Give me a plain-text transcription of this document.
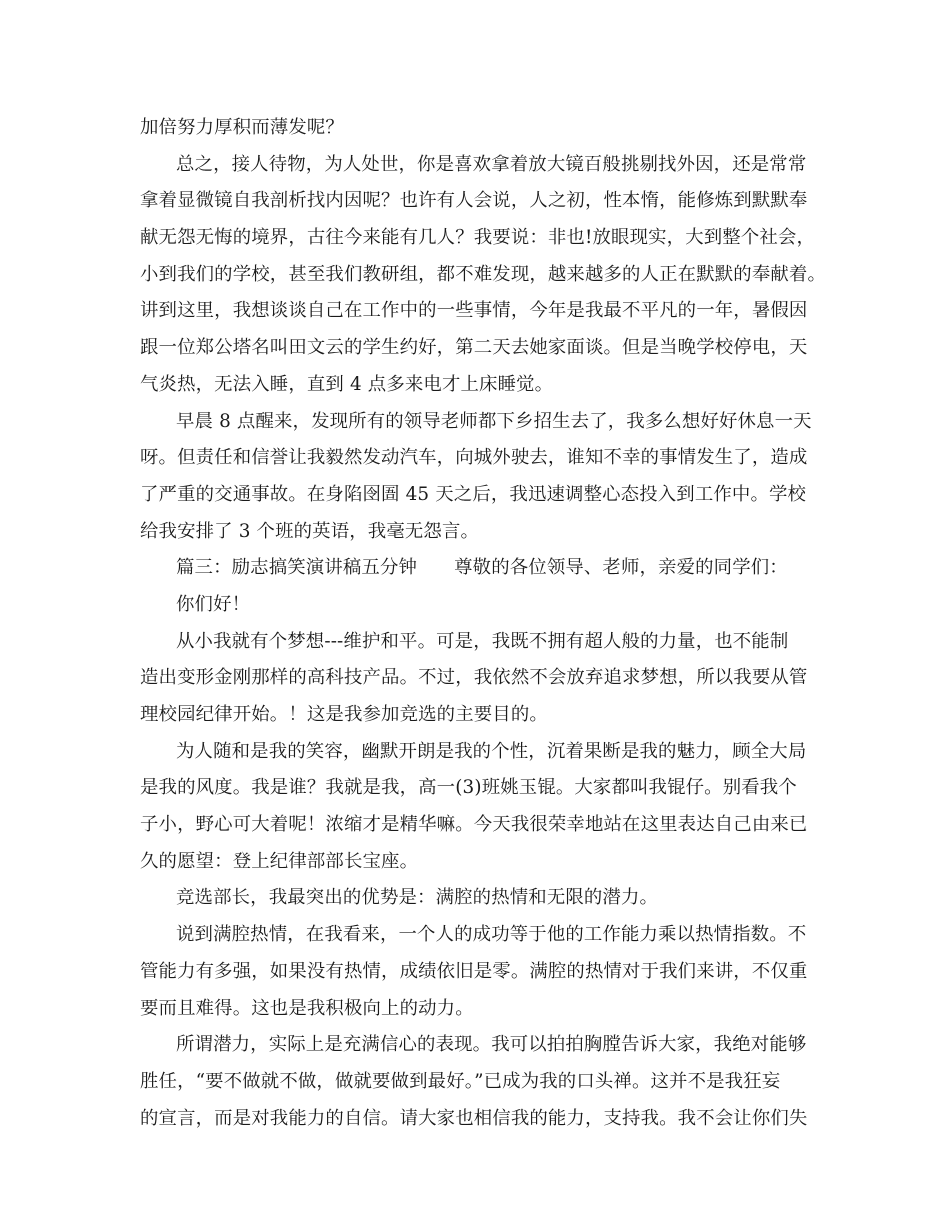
加倍努力厚积而薄发呢？
总之，接人待物，为人处世，你是喜欢拿着放大镜百般挑剔找外因，还是常常
拿着显微镜自我剖析找内因呢？也许有人会说，人之初，性本惰，能修炼到默默奉
献无怨无悔的境界，古往今来能有几人？我要说：非也!放眼现实，大到整个社会，
小到我们的学校，甚至我们教研组，都不难发现，越来越多的人正在默默的奉献着。
讲到这里，我想谈谈自己在工作中的一些事情，今年是我最不平凡的一年，暑假因
跟一位郑公塔名叫田文云的学生约好，第二天去她家面谈。但是当晚学校停电，天
气炎热，无法入睡，直到 4 点多来电才上床睡觉。
早晨 8 点醒来，发现所有的领导老师都下乡招生去了，我多么想好好休息一天
呀。但责任和信誉让我毅然发动汽车，向城外驶去，谁知不幸的事情发生了，造成
了严重的交通事故。在身陷囹圄 45 天之后，我迅速调整心态投入到工作中。学校
给我安排了 3 个班的英语，我毫无怨言。
篇三：励志搞笑演讲稿五分钟　　尊敬的各位领导、老师，亲爱的同学们：
你们好！
从小我就有个梦想---维护和平。可是，我既不拥有超人般的力量，也不能制
造出变形金刚那样的高科技产品。不过，我依然不会放弃追求梦想，所以我要从管
理校园纪律开始。！这是我参加竞选的主要目的。
为人随和是我的笑容，幽默开朗是我的个性，沉着果断是我的魅力，顾全大局
是我的风度。我是谁？我就是我，高一(3)班姚玉锟。大家都叫我锟仔。别看我个
子小，野心可大着呢！浓缩才是精华嘛。今天我很荣幸地站在这里表达自己由来已
久的愿望：登上纪律部部长宝座。
竞选部长，我最突出的优势是：满腔的热情和无限的潜力。
说到满腔热情，在我看来，一个人的成功等于他的工作能力乘以热情指数。不
管能力有多强，如果没有热情，成绩依旧是零。满腔的热情对于我们来讲，不仅重
要而且难得。这也是我积极向上的动力。
所谓潜力，实际上是充满信心的表现。我可以拍拍胸膛告诉大家，我绝对能够
胜任，“要不做就不做，做就要做到最好。”已成为我的口头禅。这并不是我狂妄
的宣言，而是对我能力的自信。请大家也相信我的能力，支持我。我不会让你们失
